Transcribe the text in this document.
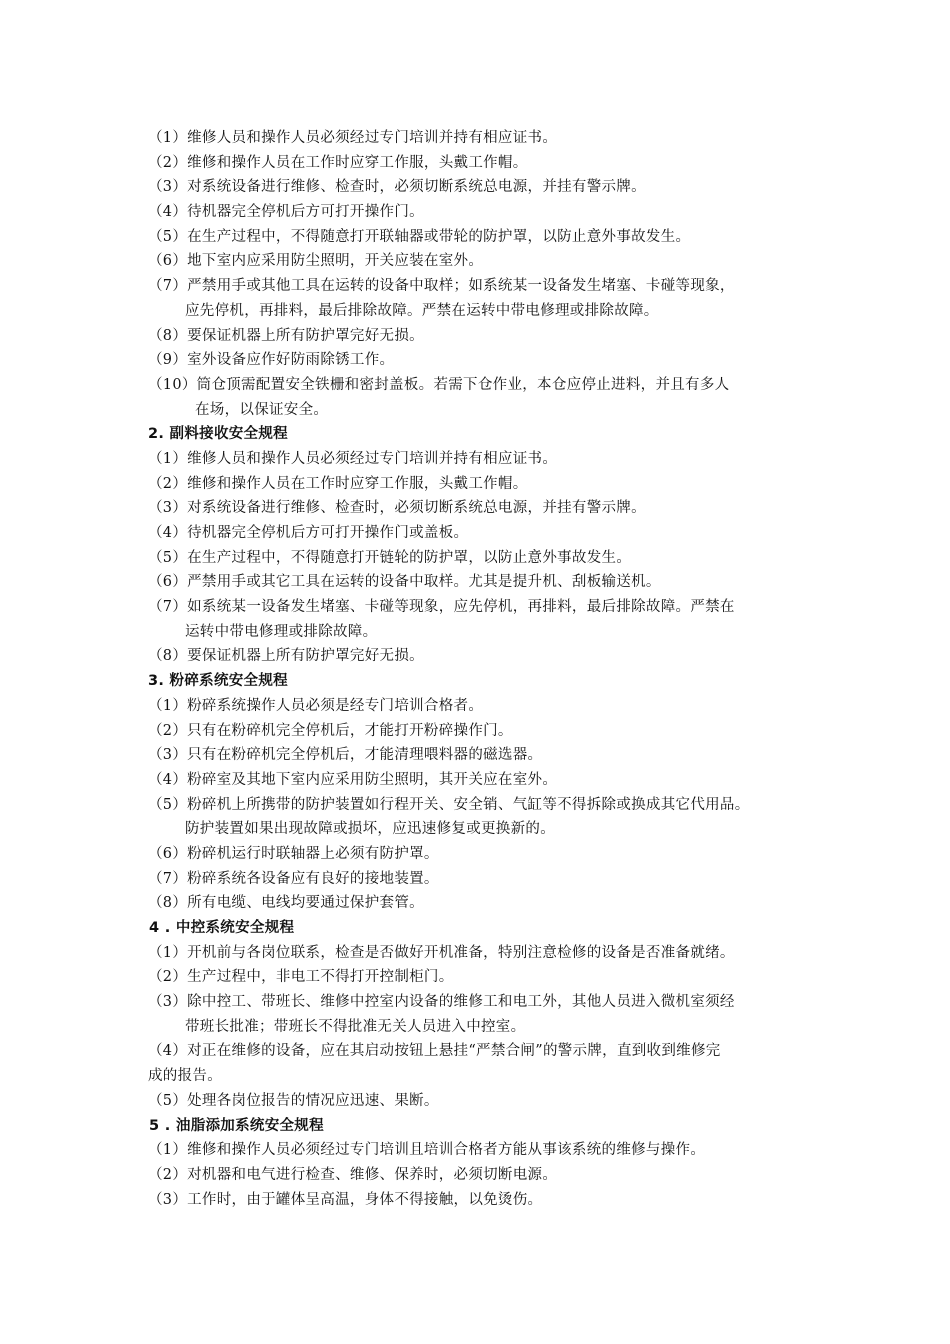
（1）维修人员和操作人员必须经过专门培训并持有相应证书。
（2）维修和操作人员在工作时应穿工作服，头戴工作帽。
（3）对系统设备进行维修、检查时，必须切断系统总电源，并挂有警示牌。
（4）待机器完全停机后方可打开操作门。
（5）在生产过程中，不得随意打开联轴器或带轮的防护罩，以防止意外事故发生。
（6）地下室内应采用防尘照明，开关应装在室外。
（7）严禁用手或其他工具在运转的设备中取样；如系统某一设备发生堵塞、卡碰等现象，
应先停机，再排料，最后排除故障。严禁在运转中带电修理或排除故障。
（8）要保证机器上所有防护罩完好无损。
（9）室外设备应作好防雨除锈工作。
（10）筒仓顶需配置安全铁栅和密封盖板。若需下仓作业，本仓应停止进料，并且有多人
在场，以保证安全。
2. 副料接收安全规程
（1）维修人员和操作人员必须经过专门培训并持有相应证书。
（2）维修和操作人员在工作时应穿工作服，头戴工作帽。
（3）对系统设备进行维修、检查时，必须切断系统总电源，并挂有警示牌。
（4）待机器完全停机后方可打开操作门或盖板。
（5）在生产过程中，不得随意打开链轮的防护罩，以防止意外事故发生。
（6）严禁用手或其它工具在运转的设备中取样。尤其是提升机、刮板输送机。
（7）如系统某一设备发生堵塞、卡碰等现象，应先停机，再排料，最后排除故障。严禁在
运转中带电修理或排除故障。
（8）要保证机器上所有防护罩完好无损。
3. 粉碎系统安全规程
（1）粉碎系统操作人员必须是经专门培训合格者。
（2）只有在粉碎机完全停机后，才能打开粉碎操作门。
（3）只有在粉碎机完全停机后，才能清理喂料器的磁选器。
（4）粉碎室及其地下室内应采用防尘照明，其开关应在室外。
（5）粉碎机上所携带的防护装置如行程开关、安全销、气缸等不得拆除或换成其它代用品。
防护装置如果出现故障或损坏，应迅速修复或更换新的。
（6）粉碎机运行时联轴器上必须有防护罩。
（7）粉碎系统各设备应有良好的接地装置。
（8）所有电缆、电线均要通过保护套管。
4 . 中控系统安全规程
（1）开机前与各岗位联系，检查是否做好开机准备，特别注意检修的设备是否准备就绪。
（2）生产过程中，非电工不得打开控制柜门。
（3）除中控工、带班长、维修中控室内设备的维修工和电工外，其他人员进入微机室须经
带班长批准；带班长不得批准无关人员进入中控室。
（4）对正在维修的设备，应在其启动按钮上悬挂“严禁合闸”的警示牌，直到收到维修完
成的报告。
（5）处理各岗位报告的情况应迅速、果断。
5 . 油脂添加系统安全规程
（1）维修和操作人员必须经过专门培训且培训合格者方能从事该系统的维修与操作。
（2）对机器和电气进行检查、维修、保养时，必须切断电源。
（3）工作时，由于罐体呈高温，身体不得接触，以免烫伤。
